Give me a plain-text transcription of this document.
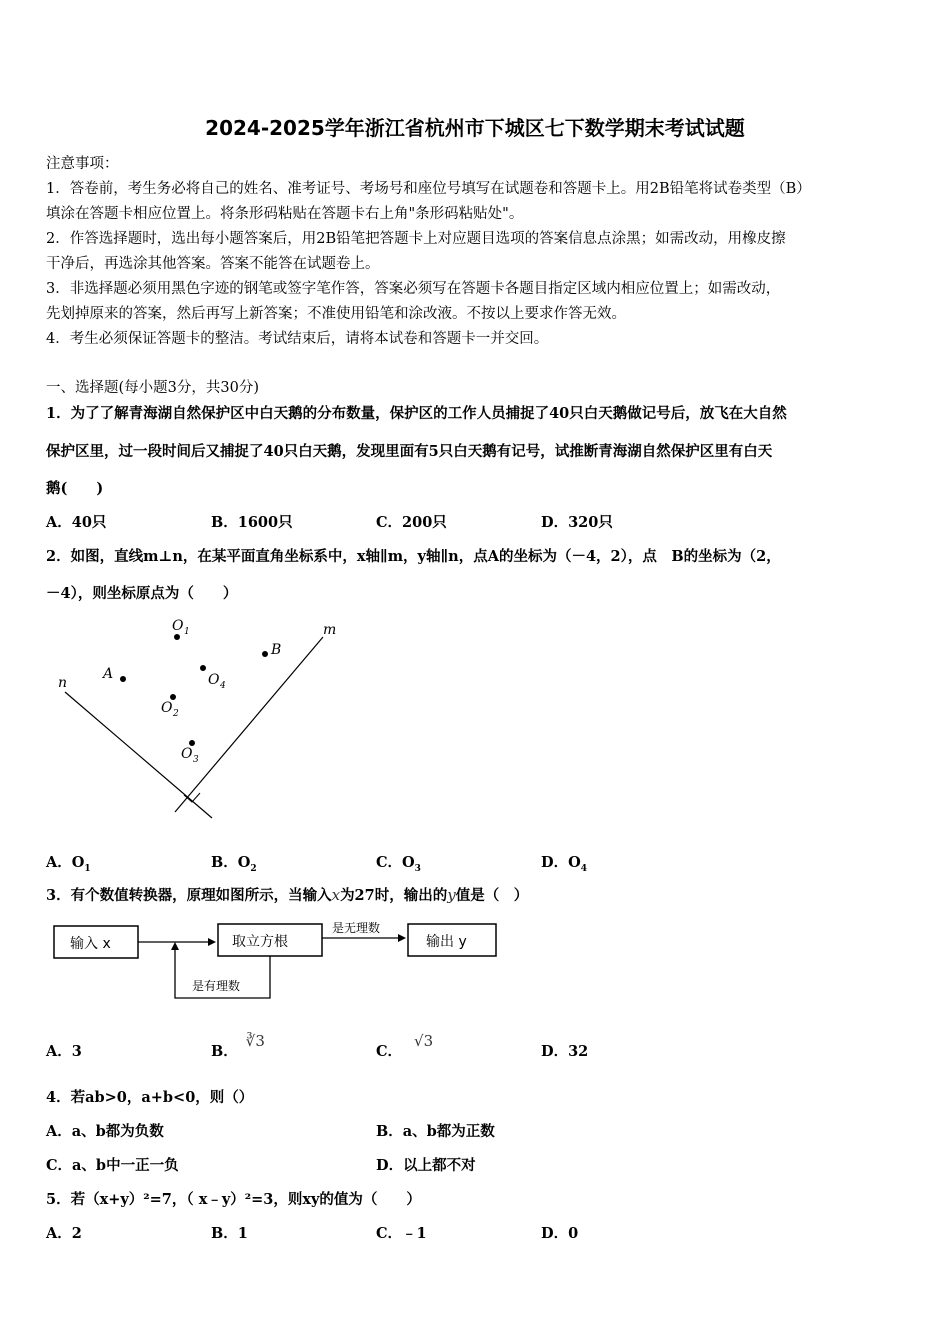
2024-2025学年浙江省杭州市下城区七下数学期末考试试题
注意事项：
1．答卷前，考生务必将自己的姓名、准考证号、考场号和座位号填写在试题卷和答题卡上。用2B铅笔将试卷类型（B）
填涂在答题卡相应位置上。将条形码粘贴在答题卡右上角"条形码粘贴处"。
2．作答选择题时，选出每小题答案后，用2B铅笔把答题卡上对应题目选项的答案信息点涂黑；如需改动，用橡皮擦
干净后，再选涂其他答案。答案不能答在试题卷上。
3．非选择题必须用黑色字迹的钢笔或签字笔作答，答案必须写在答题卡各题目指定区域内相应位置上；如需改动，
先划掉原来的答案，然后再写上新答案；不准使用铅笔和涂改液。不按以上要求作答无效。
4．考生必须保证答题卡的整洁。考试结束后，请将本试卷和答题卡一并交回。
一、选择题(每小题3分，共30分)
1．为了了解青海湖自然保护区中白天鹅的分布数量，保护区的工作人员捕捉了40只白天鹅做记号后，放飞在大自然
保护区里，过一段时间后又捕捉了40只白天鹅，发现里面有5只白天鹅有记号，试推断青海湖自然保护区里有白天
鹅(　　)
A．40只	B．1600只	C．200只	D．320只
2．如图，直线m⊥n，在某平面直角坐标系中，x轴∥m，y轴∥n，点A的坐标为（－4，2），点　B的坐标为（2，
－4），则坐标原点为（　　）
n
m
A
B
O 1
O 4
O 2
O 3
A．$O_1$	B．$O_2$	C．$O_3$	D．$O_4$
3．有个数值转换器，原理如图所示，当输入x为27时，输出的y值是（　）
输入 x	取立方根
是无理数
输出 y
是有理数
A．3	B．∛3
C．√3
D．32
4．若ab>0，a+b<0，则（）
A．a、b都为负数	B．a、b都为正数
C．a、b中一正一负	D．以上都不对
5．若（x+y）²=7，（ x﹣y）²=3，则xy的值为（　　）
A．2	B．1	C．﹣1	D．0
